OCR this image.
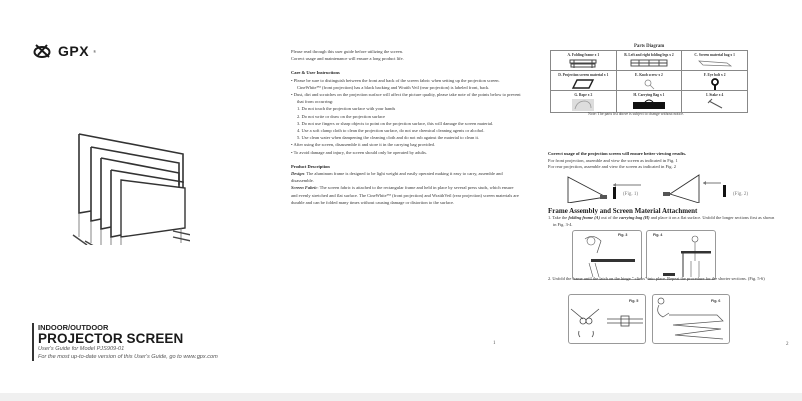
GPX ®
INDOOR/OUTDOOR
PROJECTOR SCREEN
User's Guide for Model PJS909-01
For the most up-to-date version of this User's Guide, go to www.gpx.com

Please read through this user guide before utilizing the screen.

Correct usage and maintenance will ensure a long product life.

Care & User Instructions

• Please be sure to distinguish between the front and back of the screen fabric when setting up the projection screen. CineWhite™ (front projection) has a black backing and Wraith Veil (rear projection) is labeled front, back.

• Dust, dirt and scratches on the projection surface will affect the picture quality, please take note of the points below to prevent that from occurring:

1. Do not touch the projection surface with your hands

2. Do not write or draw on the projection surface

3. Do not use fingers or sharp objects to point on the projection surface, this will damage the screen material.

4. Use a soft clamp cloth to clean the projection surface, do not use chemical cleaning agents or alcohol.

5. Use clean water when dampening the cleaning cloth and do not rub against the material to clean it.

• After using the screen, disassemble it and store it in the carrying bag provided.

• To avoid damage and injury, the screen should only be operated by adults.

Product Description

Design: The aluminum frame is designed to be light weight and easily operated making it easy to carry, assemble and disassemble.

Screen Fabric: The screen fabric is attached to the rectangular frame and held in place by several press studs, which ensure and evenly stretched and flat surface. The CineWhite™ (front projection) and WraithVeil (rear projection) screen materials are durable and can be folded many times without causing damage or distortion to the surface.

1
Parts Diagram
A. Folding frame x 1	B. Left and right folding legs x 2	C. Screen material bag x 1

D. Projection screen material x 1	E. Knob screw x 2	F. Eye bolt x 2

G. Rope x 2	H. Carrying Bag x 1	I. Stake x 4
Note: The parts list above is subject to change without notice.

Correct usage of the projection screen will ensure better viewing results.

For front projection, assemble and view the screen as indicated in Fig. 1

For rear projection, assemble and view the screen as indicated in Fig. 2

(Fig. 1)	(Fig. 2)
Frame Assembly and Screen Material Attachment
1. Take the folding frame (A) out of the carrying bag (H) and place it on a flat surface. Unfold the longer sections first as shown in Fig. 3-4.
Fig. 3	Fig. 4
2. Unfold the frame until the latch on the hinge " clicks" into place. Repeat the procedure for the shorter sections. (Fig. 5-6)
Fig. 5	Fig. 6
2
